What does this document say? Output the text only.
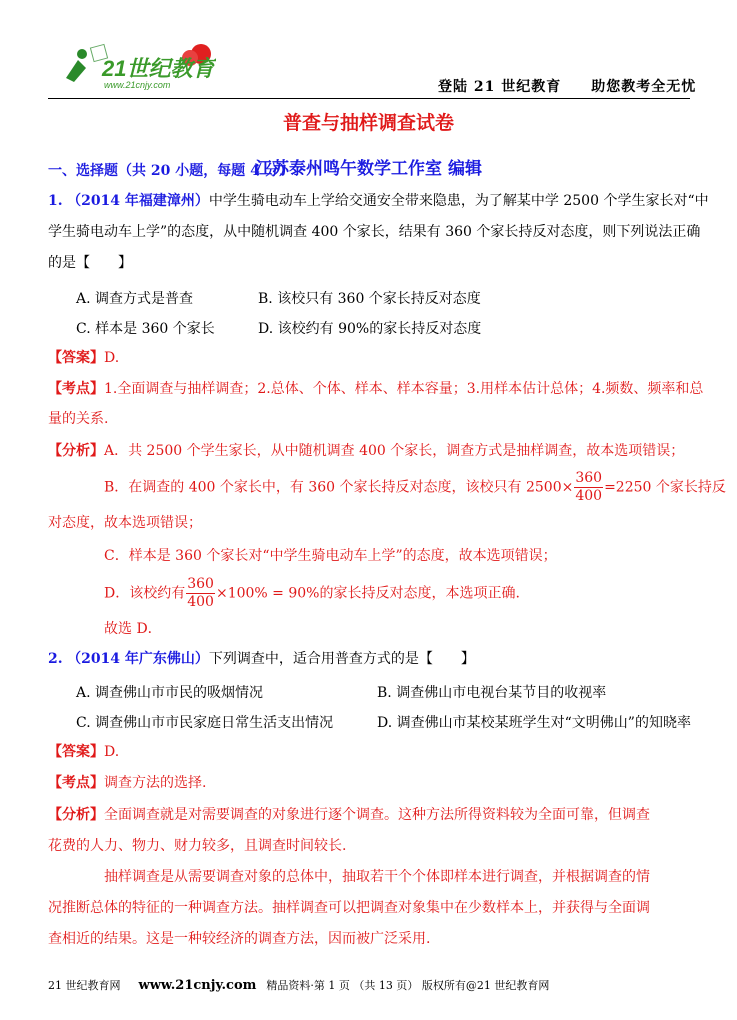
21世纪教育
www.21cnjy.com	登陆 21 世纪教育　　助您教考全无忧
普查与抽样调查试卷
江苏泰州鸣午数学工作室 编辑
一、选择题（共 20 小题，每题 4 分）
1. （2014 年福建漳州）中学生骑电动车上学给交通安全带来隐患，为了解某中学 2500 个学生家长对“中
学生骑电动车上学”的态度，从中随机调查 400 个家长，结果有 360 个家长持反对态度，则下列说法正确
的是【　　】
A. 调查方式是普查	B. 该校只有 360 个家长持反对态度
C. 样本是 360 个家长	D. 该校约有 90%的家长持反对态度
【答案】D.
【考点】1.全面调查与抽样调查；2.总体、个体、样本、样本容量；3.用样本估计总体；4.频数、频率和总
量的关系.
【分析】A．共 2500 个学生家长，从中随机调查 400 个家长，调查方式是抽样调查，故本选项错误；
B．在调查的 400 个家长中，有 360 个家长持反对态度，该校只有 $2500\times \frac{360}{400} =2250$ 个家长持反
对态度，故本选项错误；
C．样本是 360 个家长对“中学生骑电动车上学”的态度，故本选项错误；
D．该校约有 $\frac{360}{400} \times 100\% = 90\%$的家长持反对态度，本选项正确.
故选 D．
2. （2014 年广东佛山）下列调查中，适合用普查方式的是【　　】
A. 调查佛山市市民的吸烟情况	B. 调查佛山市电视台某节目的收视率
C. 调查佛山市市民家庭日常生活支出情况	D. 调查佛山市某校某班学生对“文明佛山”的知晓率
【答案】D.
【考点】调查方法的选择.
【分析】全面调查就是对需要调查的对象进行逐个调查。这种方法所得资料较为全面可靠，但调查
花费的人力、物力、财力较多，且调查时间较长.
抽样调查是从需要调查对象的总体中，抽取若干个个体即样本进行调查，并根据调查的情
况推断总体的特征的一种调查方法。抽样调查可以把调查对象集中在少数样本上，并获得与全面调
查相近的结果。这是一种较经济的调查方法，因而被广泛采用.
21 世纪教育网 www.21cnjy.com 精品资料·第 1 页 （共 13 页） 版权所有@21 世纪教育网
